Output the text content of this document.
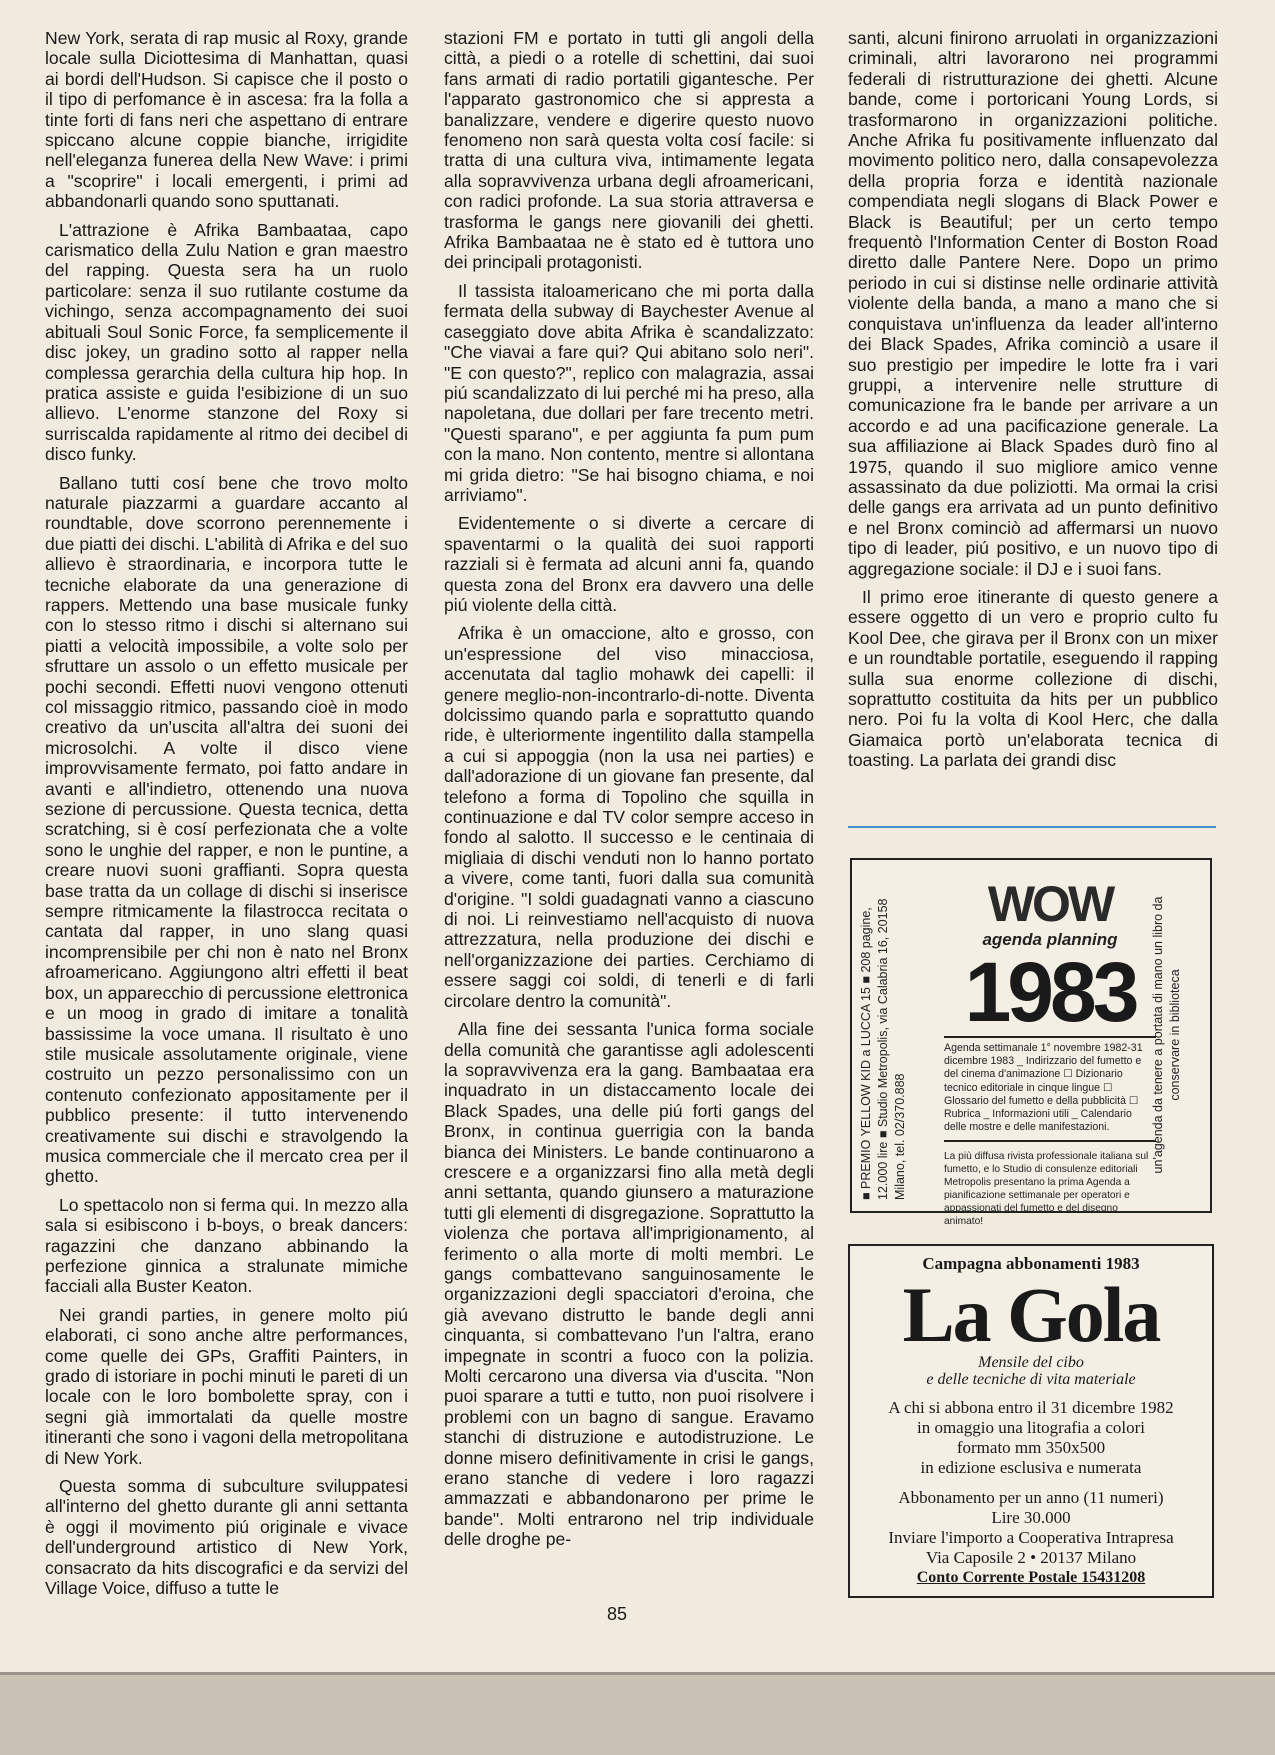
New York, serata di rap music al Roxy, grande locale sulla Diciottesima di Manhattan, quasi ai bordi dell'Hudson. Si capisce che il posto o il tipo di perfomance è in ascesa: fra la folla a tinte forti di fans neri che aspettano di entrare spiccano alcune coppie bianche, irrigidite nell'eleganza funerea della New Wave: i primi a "scoprire" i locali emergenti, i primi ad abbandonarli quando sono sputtanati.

L'attrazione è Afrika Bambaataa, capo carismatico della Zulu Nation e gran maestro del rapping. Questa sera ha un ruolo particolare: senza il suo rutilante costume da vichingo, senza accompagnamento dei suoi abituali Soul Sonic Force, fa semplicemente il disc jokey, un gradino sotto al rapper nella complessa gerarchia della cultura hip hop. In pratica assiste e guida l'esibizione di un suo allievo. L'enorme stanzone del Roxy si surriscalda rapidamente al ritmo dei decibel di disco funky.

Ballano tutti cosí bene che trovo molto naturale piazzarmi a guardare accanto al roundtable, dove scorrono perennemente i due piatti dei dischi. L'abilità di Afrika e del suo allievo è straordinaria, e incorpora tutte le tecniche elaborate da una generazione di rappers. Mettendo una base musicale funky con lo stesso ritmo i dischi si alternano sui piatti a velocità impossibile, a volte solo per sfruttare un assolo o un effetto musicale per pochi secondi. Effetti nuovi vengono ottenuti col missaggio ritmico, passando cioè in modo creativo da un'uscita all'altra dei suoni dei microsolchi. A volte il disco viene improvvisamente fermato, poi fatto andare in avanti e all'indietro, ottenendo una nuova sezione di percussione. Questa tecnica, detta scratching, si è cosí perfezionata che a volte sono le unghie del rapper, e non le puntine, a creare nuovi suoni graffianti. Sopra questa base tratta da un collage di dischi si inserisce sempre ritmicamente la filastrocca recitata o cantata dal rapper, in uno slang quasi incomprensibile per chi non è nato nel Bronx afroamericano. Aggiungono altri effetti il beat box, un apparecchio di percussione elettronica e un moog in grado di imitare a tonalità bassissime la voce umana. Il risultato è uno stile musicale assolutamente originale, viene costruito un pezzo personalissimo con un contenuto confezionato appositamente per il pubblico presente: il tutto intervenendo creativamente sui dischi e stravolgendo la musica commerciale che il mercato crea per il ghetto.

Lo spettacolo non si ferma qui. In mezzo alla sala si esibiscono i b-boys, o break dancers: ragazzini che danzano abbinando la perfezione ginnica a stralunate mimiche facciali alla Buster Keaton.

Nei grandi parties, in genere molto piú elaborati, ci sono anche altre performances, come quelle dei GPs, Graffiti Painters, in grado di istoriare in pochi minuti le pareti di un locale con le loro bombolette spray, con i segni già immortalati da quelle mostre itineranti che sono i vagoni della metropolitana di New York.

Questa somma di subculture sviluppatesi all'interno del ghetto durante gli anni settanta è oggi il movimento piú originale e vivace dell'underground artistico di New York, consacrato da hits discografici e da servizi del Village Voice, diffuso a tutte le

stazioni FM e portato in tutti gli angoli della città, a piedi o a rotelle di schettini, dai suoi fans armati di radio portatili gigantesche. Per l'apparato gastronomico che si appresta a banalizzare, vendere e digerire questo nuovo fenomeno non sarà questa volta cosí facile: si tratta di una cultura viva, intimamente legata alla sopravvivenza urbana degli afroamericani, con radici profonde. La sua storia attraversa e trasforma le gangs nere giovanili dei ghetti. Afrika Bambaataa ne è stato ed è tuttora uno dei principali protagonisti.

Il tassista italoamericano che mi porta dalla fermata della subway di Baychester Avenue al caseggiato dove abita Afrika è scandalizzato: "Che viavai a fare qui? Qui abitano solo neri". "E con questo?", replico con malagrazia, assai piú scandalizzato di lui perché mi ha preso, alla napoletana, due dollari per fare trecento metri. "Questi sparano", e per aggiunta fa pum pum con la mano. Non contento, mentre si allontana mi grida dietro: "Se hai bisogno chiama, e noi arriviamo".

Evidentemente o si diverte a cercare di spaventarmi o la qualità dei suoi rapporti razziali si è fermata ad alcuni anni fa, quando questa zona del Bronx era davvero una delle piú violente della città.

Afrika è un omaccione, alto e grosso, con un'espressione del viso minacciosa, accenutata dal taglio mohawk dei capelli: il genere meglio-non-incontrarlo-di-notte. Diventa dolcissimo quando parla e soprattutto quando ride, è ulteriormente ingentilito dalla stampella a cui si appoggia (non la usa nei parties) e dall'adorazione di un giovane fan presente, dal telefono a forma di Topolino che squilla in continuazione e dal TV color sempre acceso in fondo al salotto. Il successo e le centinaia di migliaia di dischi venduti non lo hanno portato a vivere, come tanti, fuori dalla sua comunità d'origine. "I soldi guadagnati vanno a ciascuno di noi. Li reinvestiamo nell'acquisto di nuova attrezzatura, nella produzione dei dischi e nell'organizzazione dei parties. Cerchiamo di essere saggi coi soldi, di tenerli e di farli circolare dentro la comunità".

Alla fine dei sessanta l'unica forma sociale della comunità che garantisse agli adolescenti la sopravvivenza era la gang. Bambaataa era inquadrato in un distaccamento locale dei Black Spades, una delle piú forti gangs del Bronx, in continua guerrigia con la banda bianca dei Ministers. Le bande continuarono a crescere e a organizzarsi fino alla metà degli anni settanta, quando giunsero a maturazione tutti gli elementi di disgregazione. Soprattutto la violenza che portava all'imprigionamento, al ferimento o alla morte di molti membri. Le gangs combattevano sanguinosamente le organizzazioni degli spacciatori d'eroina, che già avevano distrutto le bande degli anni cinquanta, si combattevano l'un l'altra, erano impegnate in scontri a fuoco con la polizia. Molti cercarono una diversa via d'uscita. "Non puoi sparare a tutti e tutto, non puoi risolvere i problemi con un bagno di sangue. Eravamo stanchi di distruzione e autodistruzione. Le donne misero definitivamente in crisi le gangs, erano stanche di vedere i loro ragazzi ammazzati e abbandonarono per prime le bande". Molti entrarono nel trip individuale delle droghe pe-

santi, alcuni finirono arruolati in organizzazioni criminali, altri lavorarono nei programmi federali di ristrutturazione dei ghetti. Alcune bande, come i portoricani Young Lords, si trasformarono in organizzazioni politiche. Anche Afrika fu positivamente influenzato dal movimento politico nero, dalla consapevolezza della propria forza e identità nazionale compendiata negli slogans di Black Power e Black is Beautiful; per un certo tempo frequentò l'Information Center di Boston Road diretto dalle Pantere Nere. Dopo un primo periodo in cui si distinse nelle ordinarie attività violente della banda, a mano a mano che si conquistava un'influenza da leader all'interno dei Black Spades, Afrika cominciò a usare il suo prestigio per impedire le lotte fra i vari gruppi, a intervenire nelle strutture di comunicazione fra le bande per arrivare a un accordo e ad una pacificazione generale. La sua affiliazione ai Black Spades durò fino al 1975, quando il suo migliore amico venne assassinato da due poliziotti. Ma ormai la crisi delle gangs era arrivata ad un punto definitivo e nel Bronx cominciò ad affermarsi un nuovo tipo di leader, piú positivo, e un nuovo tipo di aggregazione sociale: il DJ e i suoi fans.

Il primo eroe itinerante di questo genere a essere oggetto di un vero e proprio culto fu Kool Dee, che girava per il Bronx con un mixer e un roundtable portatile, eseguendo il rapping sulla sua enorme collezione di dischi, soprattutto costituita da hits per un pubblico nero. Poi fu la volta di Kool Herc, che dalla Giamaica portò un'elaborata tecnica di toasting. La parlata dei grandi disc

■ PREMIO YELLOW KID a LUCCA 15 ■ 208 pagine, 12.000 lire ■ Studio Metropolis, via Calabria 16, 20158 Milano, tel. 02/370.888
WOW
agenda planning
1983
Agenda settimanale 1° novembre 1982-31 dicembre 1983 _ Indirizzario del fumetto e del cinema d'animazione ☐ Dizionario tecnico editoriale in cinque lingue ☐ Glossario del fumetto e della pubblicità ☐ Rubrica _ Informazioni utili _ Calendario delle mostre e delle manifestazioni.
La più diffusa rivista professionale italiana sul fumetto, e lo Studio di consulenze editoriali Metropolis presentano la prima Agenda a pianificazione settimanale per operatori e appassionati del fumetto e del disegno animato!
un'agenda da tenere a portata di mano un libro da conservare in biblioteca
Campagna abbonamenti 1983
La Gola
Mensile del cibo
e delle tecniche di vita materiale
A chi si abbona entro il 31 dicembre 1982
in omaggio una litografia a colori
formato mm 350x500
in edizione esclusiva e numerata
Abbonamento per un anno (11 numeri)
Lire 30.000
Inviare l'importo a Cooperativa Intrapresa
Via Caposile 2 • 20137 Milano
Conto Corrente Postale 15431208
85
